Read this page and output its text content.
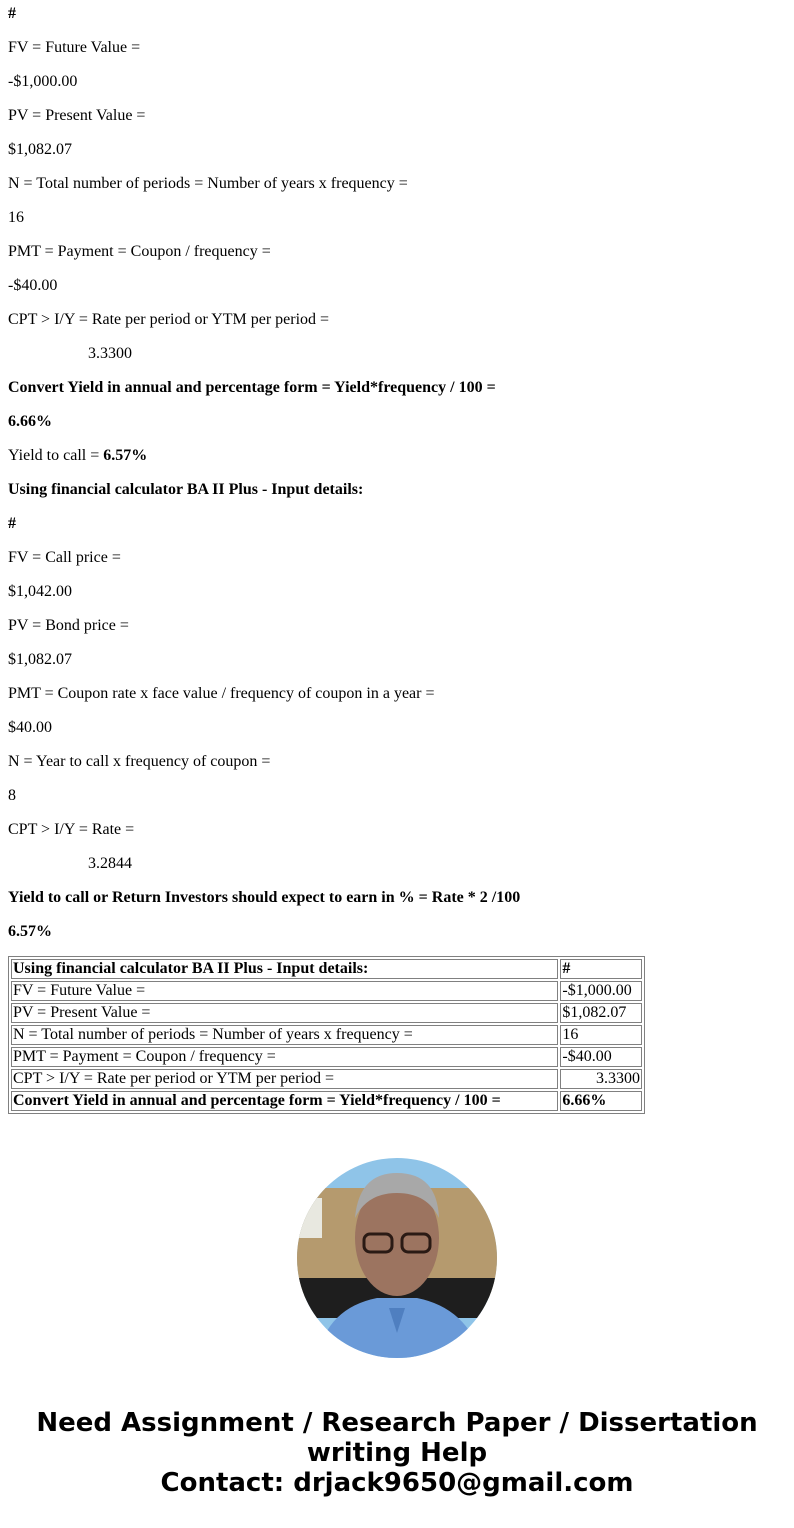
#

FV = Future Value =

-$1,000.00

PV = Present Value =

$1,082.07

N = Total number of periods = Number of years x frequency =

16

PMT = Payment = Coupon / frequency =

-$40.00

CPT > I/Y = Rate per period or YTM per period =

3.3300

Convert Yield in annual and percentage form = Yield*frequency / 100 =

6.66%

Yield to call = 6.57%

Using financial calculator BA II Plus - Input details:

#

FV = Call price =

$1,042.00

PV = Bond price =

$1,082.07

PMT = Coupon rate x face value / frequency of coupon in a year =

$40.00

N = Year to call x frequency of coupon =

8

CPT > I/Y = Rate =

3.2844

Yield to call or Return Investors should expect to earn in % = Rate * 2 /100

6.57%

Using financial calculator BA II Plus - Input details:	#
FV = Future Value =	-$1,000.00
PV = Present Value =	$1,082.07
N = Total number of periods = Number of years x frequency =	16
PMT = Payment = Coupon / frequency =	-$40.00
CPT > I/Y = Rate per period or YTM per period =	3.3300
Convert Yield in annual and percentage form = Yield*frequency / 100 =	6.66%
Need Assignment / Research Paper / Dissertation writing Help
Contact: drjack9650@gmail.com
